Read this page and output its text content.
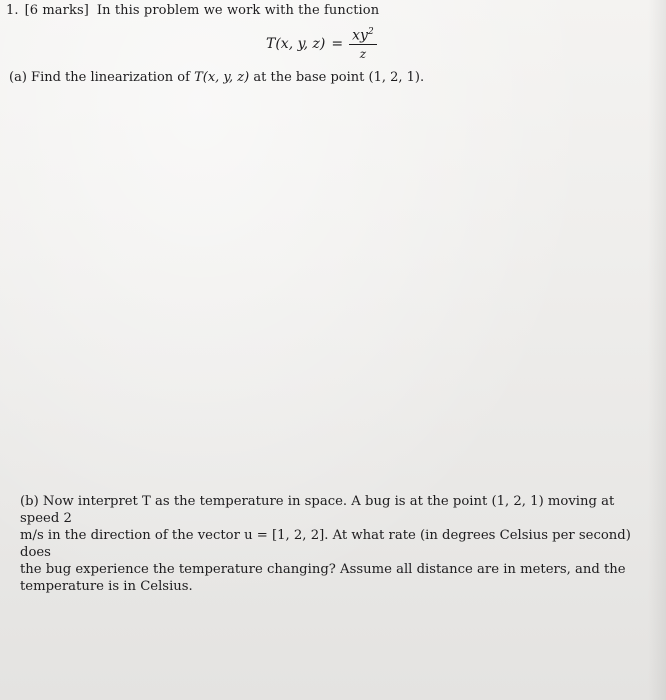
1. [6 marks] In this problem we work with the function
T(x, y, $z) = \frac{xy^2}{z}$
(a) Find the linearization of T(x, y, z) at the base point (1, 2, 1).

(b) Now interpret T as the temperature in space. A bug is at the point (1, 2, 1) moving at speed 2

m/s in the direction of the vector u = [1, 2, 2]. At what rate (in degrees Celsius per second) does

the bug experience the temperature changing? Assume all distance are in meters, and the

temperature is in Celsius.
